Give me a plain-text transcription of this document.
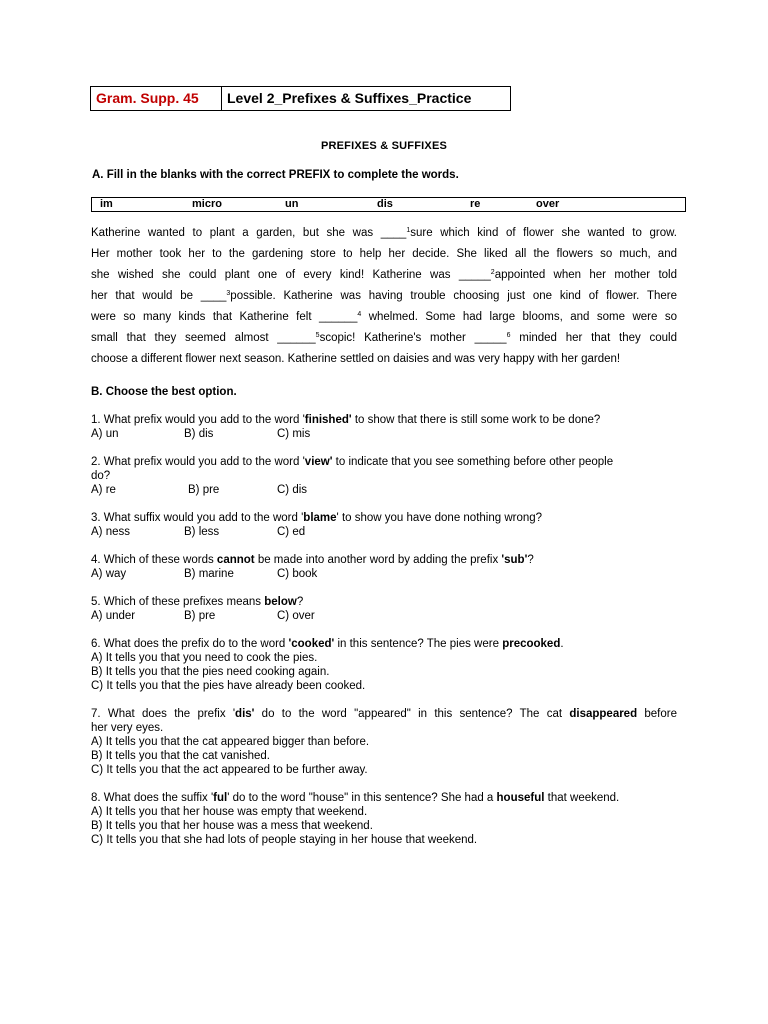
Gram. Supp. 45	Level 2_Prefixes & Suffixes_Practice
PREFIXES & SUFFIXES
A. Fill in the blanks with the correct PREFIX to complete the words.
im	micro	un	dis	re	over
Katherine wanted to plant a garden, but she was ____$^1$sure which kind of flower she wanted to grow.
Her mother took her to the gardening store to help her decide. She liked all the flowers so much, and
she wished she could plant one of every kind! Katherine was _____$^2$appointed when her mother told
her that would be ____$^3$possible. Katherine was having trouble choosing just one kind of flower. There
were so many kinds that Katherine felt ______$^4$ whelmed. Some had large blooms, and some were so
small that they seemed almost ______$^5$scopic! Katherine's mother _____$^6$ minded her that they could
choose a different flower next season. Katherine settled on daisies and was very happy with her garden!
B. Choose the best option.
1. What prefix would you add to the word 'finished' to show that there is still some work to be done?
A) un	B) dis	C) mis
2. What prefix would you add to the word 'view' to indicate that you see something before other people
do?
A) re	B) pre	C) dis
3. What suffix would you add to the word 'blame' to show you have done nothing wrong?
A) ness	B) less	C) ed
4. Which of these words cannot be made into another word by adding the prefix 'sub'?
A) way	B) marine	C) book
5. Which of these prefixes means below?
A) under	B) pre	C) over
6. What does the prefix do to the word 'cooked' in this sentence? The pies were precooked.
A) It tells you that you need to cook the pies.
B) It tells you that the pies need cooking again.
C) It tells you that the pies have already been cooked.
7. What does the prefix 'dis' do to the word "appeared" in this sentence? The cat disappeared before
her very eyes.
A) It tells you that the cat appeared bigger than before.
B) It tells you that the cat vanished.
C) It tells you that the act appeared to be further away.
8. What does the suffix 'ful' do to the word "house" in this sentence? She had a houseful that weekend.
A) It tells you that her house was empty that weekend.
B) It tells you that her house was a mess that weekend.
C) It tells you that she had lots of people staying in her house that weekend.
